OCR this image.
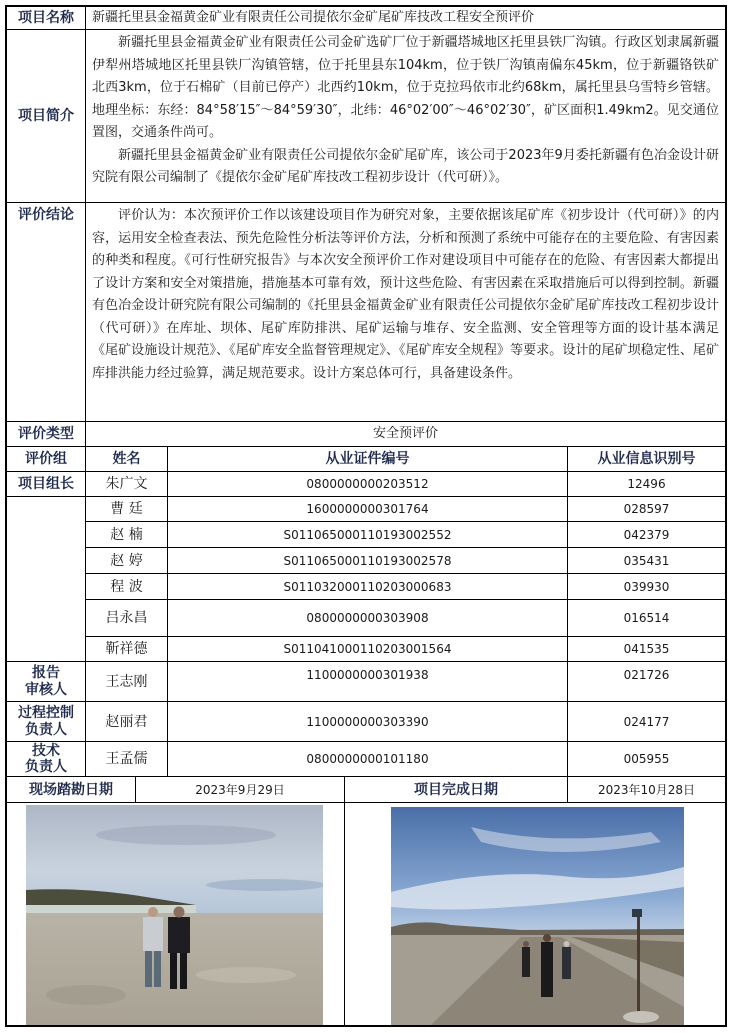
项目名称	新疆托里县金福黄金矿业有限责任公司提依尔金矿尾矿库技改工程安全预评价
项目简介

新疆托里县金福黄金矿业有限责任公司金矿选矿厂位于新疆塔城地区托里县铁厂沟镇。行政区划隶属新疆伊犁州塔城地区托里县铁厂沟镇管辖，位于托里县东104km，位于铁厂沟镇南偏东45km，位于新疆铬铁矿北西3km，位于石棉矿（目前已停产）北西约10km，位于克拉玛依市北约68km，属托里县乌雪特乡管辖。地理坐标：东经：84°58′15″～84°59′30″，北纬：46°02′00″～46°02′30″，矿区面积1.49km2。见交通位置图，交通条件尚可。

新疆托里县金福黄金矿业有限责任公司提依尔金矿尾矿库，该公司于2023年9月委托新疆有色冶金设计研究院有限公司编制了《提依尔金矿尾矿库技改工程初步设计（代可研）》。

评价结论	评价认为：本次预评价工作以该建设项目作为研究对象，主要依据该尾矿库《初步设计（代可研）》的内容，运用安全检查表法、预先危险性分析法等评价方法，分析和预测了系统中可能存在的主要危险、有害因素的种类和程度。《可行性研究报告》与本次安全预评价工作对建设项目中可能存在的危险、有害因素大都提出了设计方案和安全对策措施，措施基本可靠有效，预计这些危险、有害因素在采取措施后可以得到控制。新疆有色冶金设计研究院有限公司编制的《托里县金福黄金矿业有限责任公司提依尔金矿尾矿库技改工程初步设计（代可研）》在库址、坝体、尾矿库防排洪、尾矿运输与堆存、安全监测、安全管理等方面的设计基本满足《尾矿设施设计规范》、《尾矿库安全监督管理规定》、《尾矿库安全规程》等要求。设计的尾矿坝稳定性、尾矿库排洪能力经过验算，满足规范要求。设计方案总体可行，具备建设条件。

评价类型	安全预评价
评价组	姓名	从业证件编号	从业信息识别号
项目组长	朱广文	0800000000203512	12496
曹 廷	1600000000301764	028597
赵 楠	S011065000110193002552	042379
赵 婷	S011065000110193002578	035431
程 波	S011032000110203000683	039930
吕永昌	0800000000303908	016514
靳祥德	S011041000110203001564	041535
报告
审核人	王志刚	1100000000301938	021726
过程控制
负责人	赵丽君	1100000000303390	024177
技术
负责人	王孟儒	0800000000101180	005955
现场踏勘日期	2023年9月29日	项目完成日期	2023年10月28日
